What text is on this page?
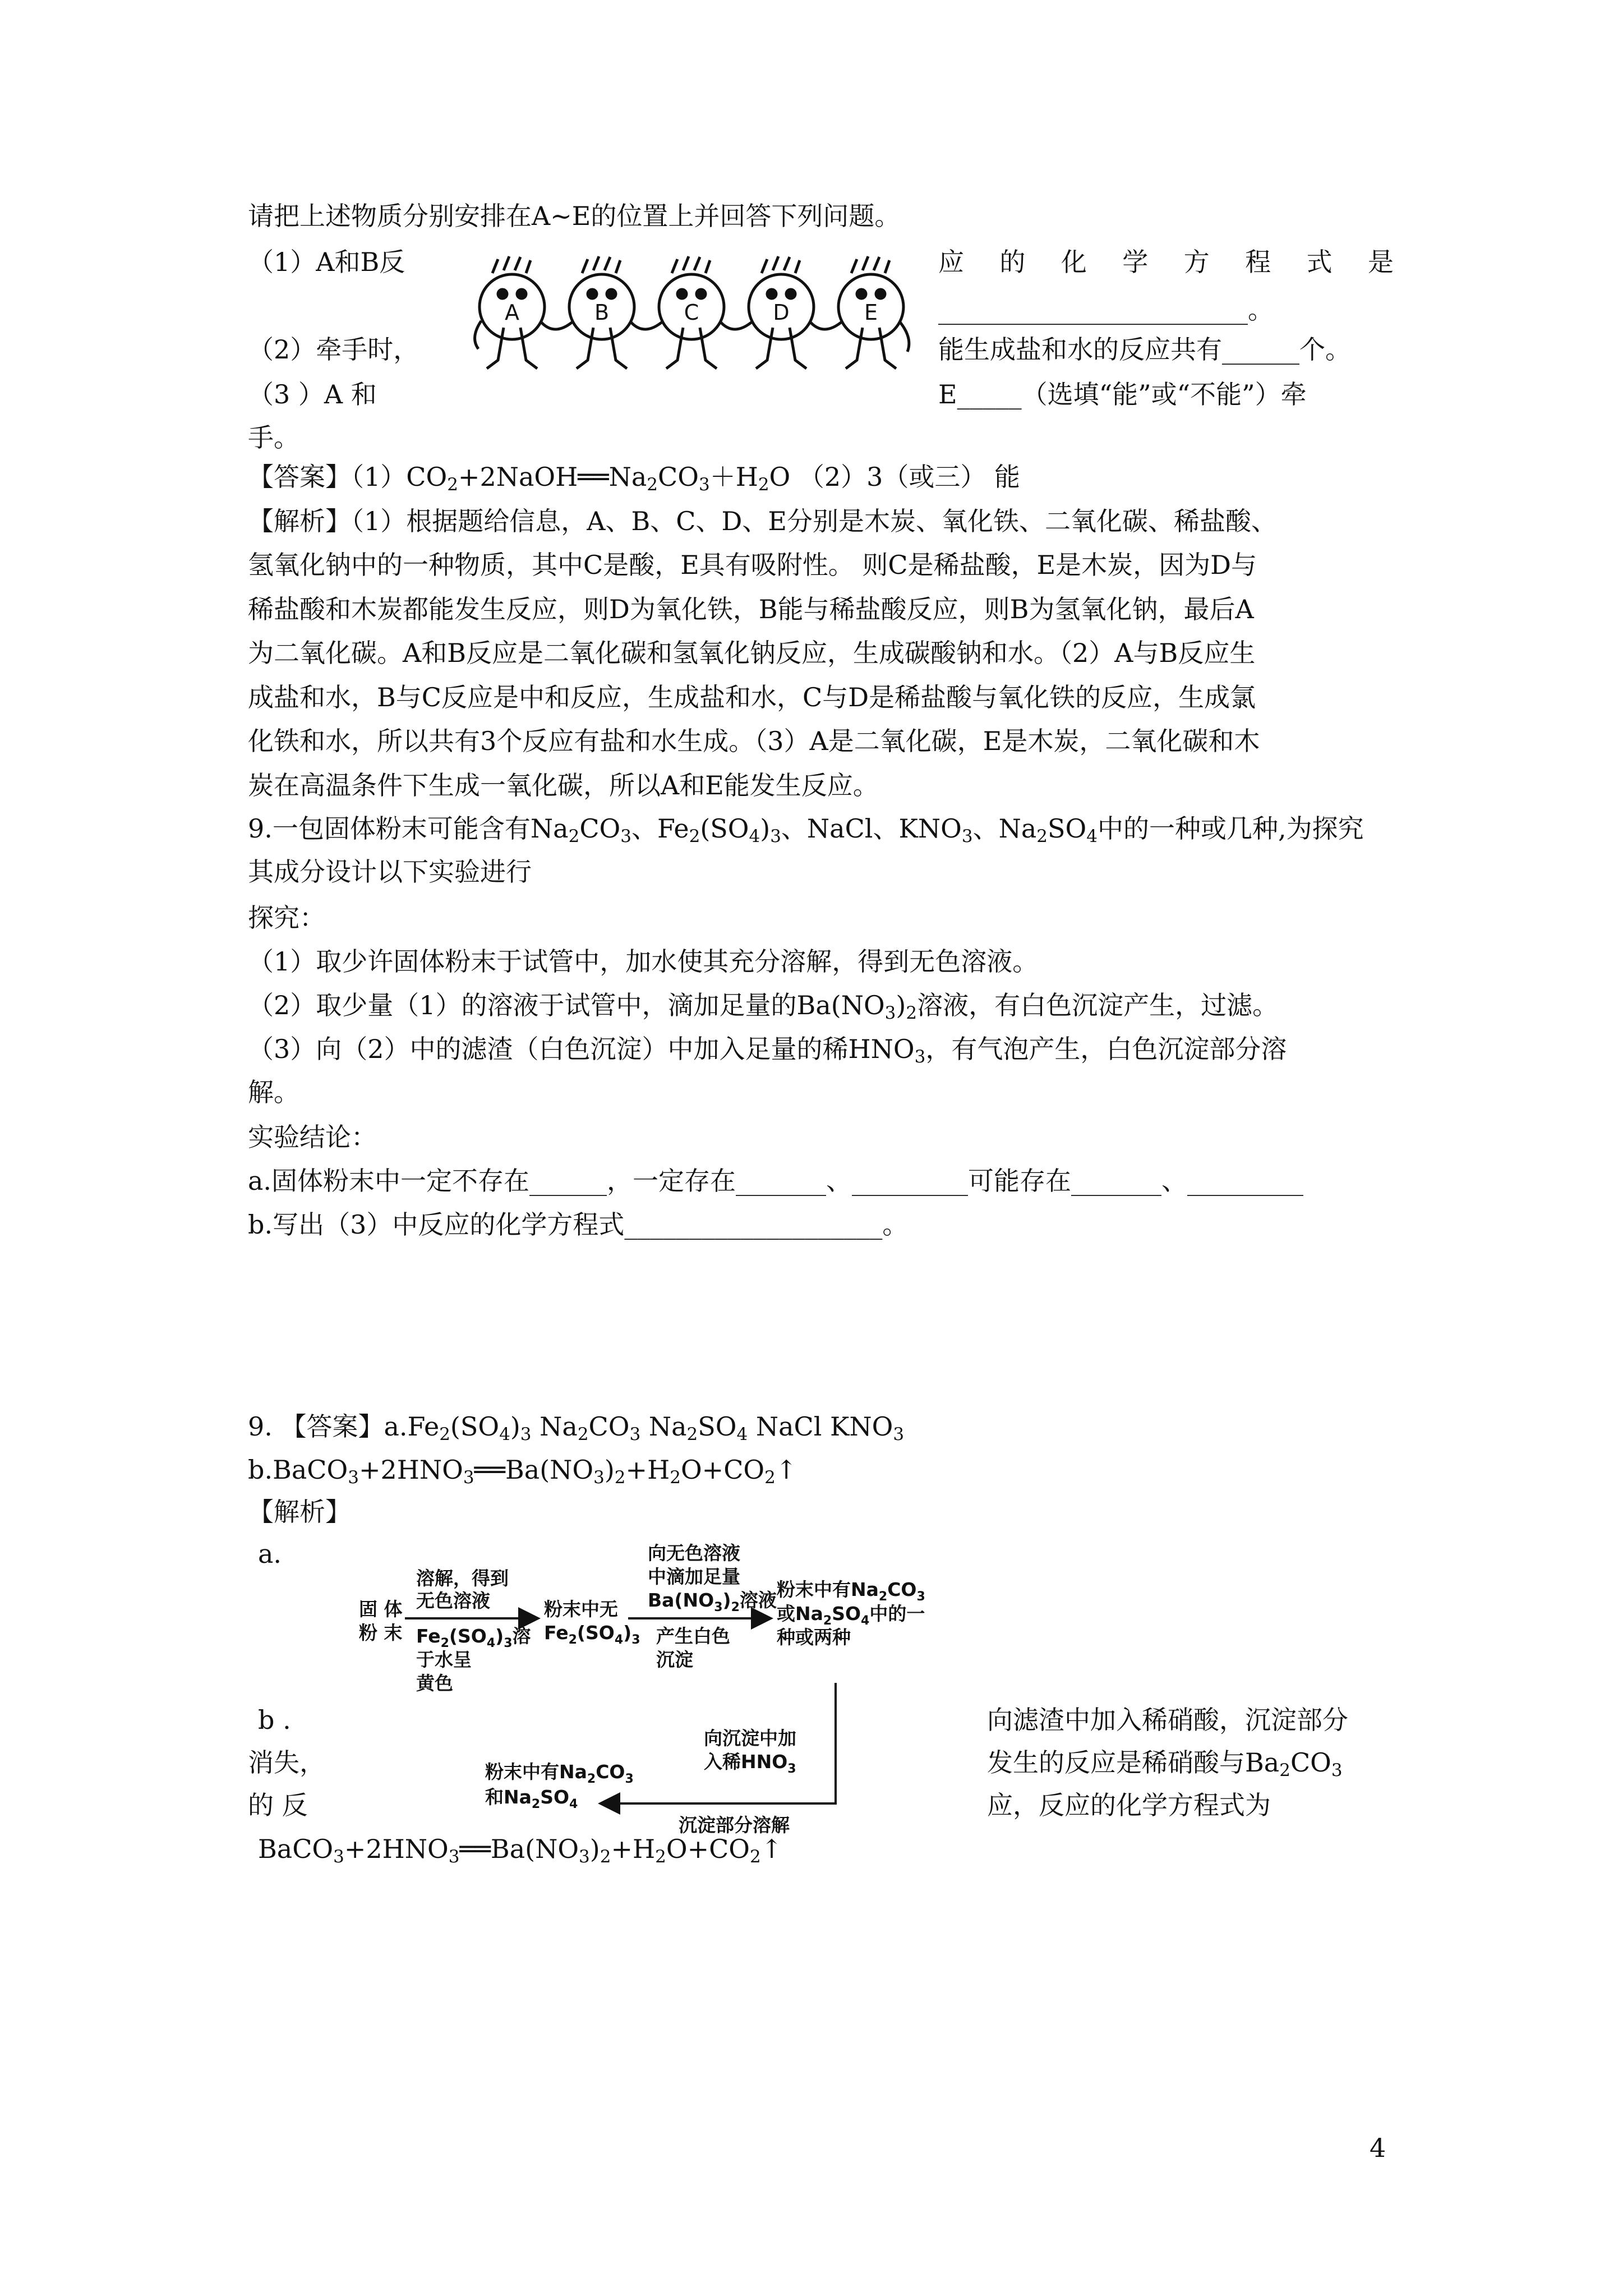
请把上述物质分别安排在A~E的位置上并回答下列问题。
（1）A和B反	应 的 化 学 方 程 式 是
________________________。
（2）牵手时，	能生成盐和水的反应共有______个。
（3 ）A 和	E_____（选填“能”或“不能”）牵
手。
A	B	C	D	E
【答案】$(1)CO_2+2NaOH══Na_2CO_3+H_2O$ （2）3（或三） 能
【解析】（1）根据题给信息，A、B、C、D、E分别是木炭、氧化铁、二氧化碳、稀盐酸、
氢氧化钠中的一种物质，其中C是酸，E具有吸附性。 则C是稀盐酸，E是木炭，因为D与
稀盐酸和木炭都能发生反应，则D为氧化铁，B能与稀盐酸反应，则B为氢氧化钠，最后A
为二氧化碳。A和B反应是二氧化碳和氢氧化钠反应，生成碳酸钠和水。（2）A与B反应生
成盐和水，B与C反应是中和反应，生成盐和水，C与D是稀盐酸与氧化铁的反应，生成氯
化铁和水，所以共有3个反应有盐和水生成。（3）A是二氧化碳，E是木炭，二氧化碳和木
炭在高温条件下生成一氧化碳，所以A和E能发生反应。
9.一包固体粉末可能含有$Na_2CO_3$、$Fe_2(SO_4)_3$、NaCl、$KNO_3$、$Na_2SO_4$中的一种或几种,为探究
其成分设计以下实验进行
探究：
（1）取少许固体粉末于试管中，加水使其充分溶解，得到无色溶液。
（2）取少量（1）的溶液于试管中，滴加足量的$Ba(NO_3)_2$溶液，有白色沉淀产生，过滤。
（3）向（2）中的滤渣（白色沉淀）中加入足量的稀$HNO_3$，有气泡产生，白色沉淀部分溶
解。
实验结论：
a.固体粉末中一定不存在______，一定存在_______、_________可能存在_______、_________
b.写出（3）中反应的化学方程式____________________。
9. 【答案】$a.Fe_2(SO_4)_3$ $Na_2CO_3$ $Na_2SO_4$ NaCl $KNO_3$
$b.BaCO_3+2HNO_3══Ba(NO_3)_2+H_2O+CO_2↑$
【解析】
a.
固 体
粉 末
溶解，得到
无色溶液
$Fe_2(SO_4)_3$溶
于水呈
黄色
粉末中无
$Fe_2(SO_4)_3$
向无色溶液
中滴加足量
$Ba(NO_3)_2$溶液
产生白色
沉淀
粉末中有$Na_2CO_3$
或$Na_2SO_4$中的一
种或两种
向沉淀中加
入稀$HNO_3$
沉淀部分溶解
粉末中有$Na_2CO_3$
和$Na_2SO_4$
b .	向滤渣中加入稀硝酸，沉淀部分
消失，	发生的反应是稀硝酸与$Ba_2CO_3$
的 反	应，反应的化学方程式为
$BaCO_3+2HNO_3══Ba(NO_3)_2+H_2O+CO_2↑$
4
